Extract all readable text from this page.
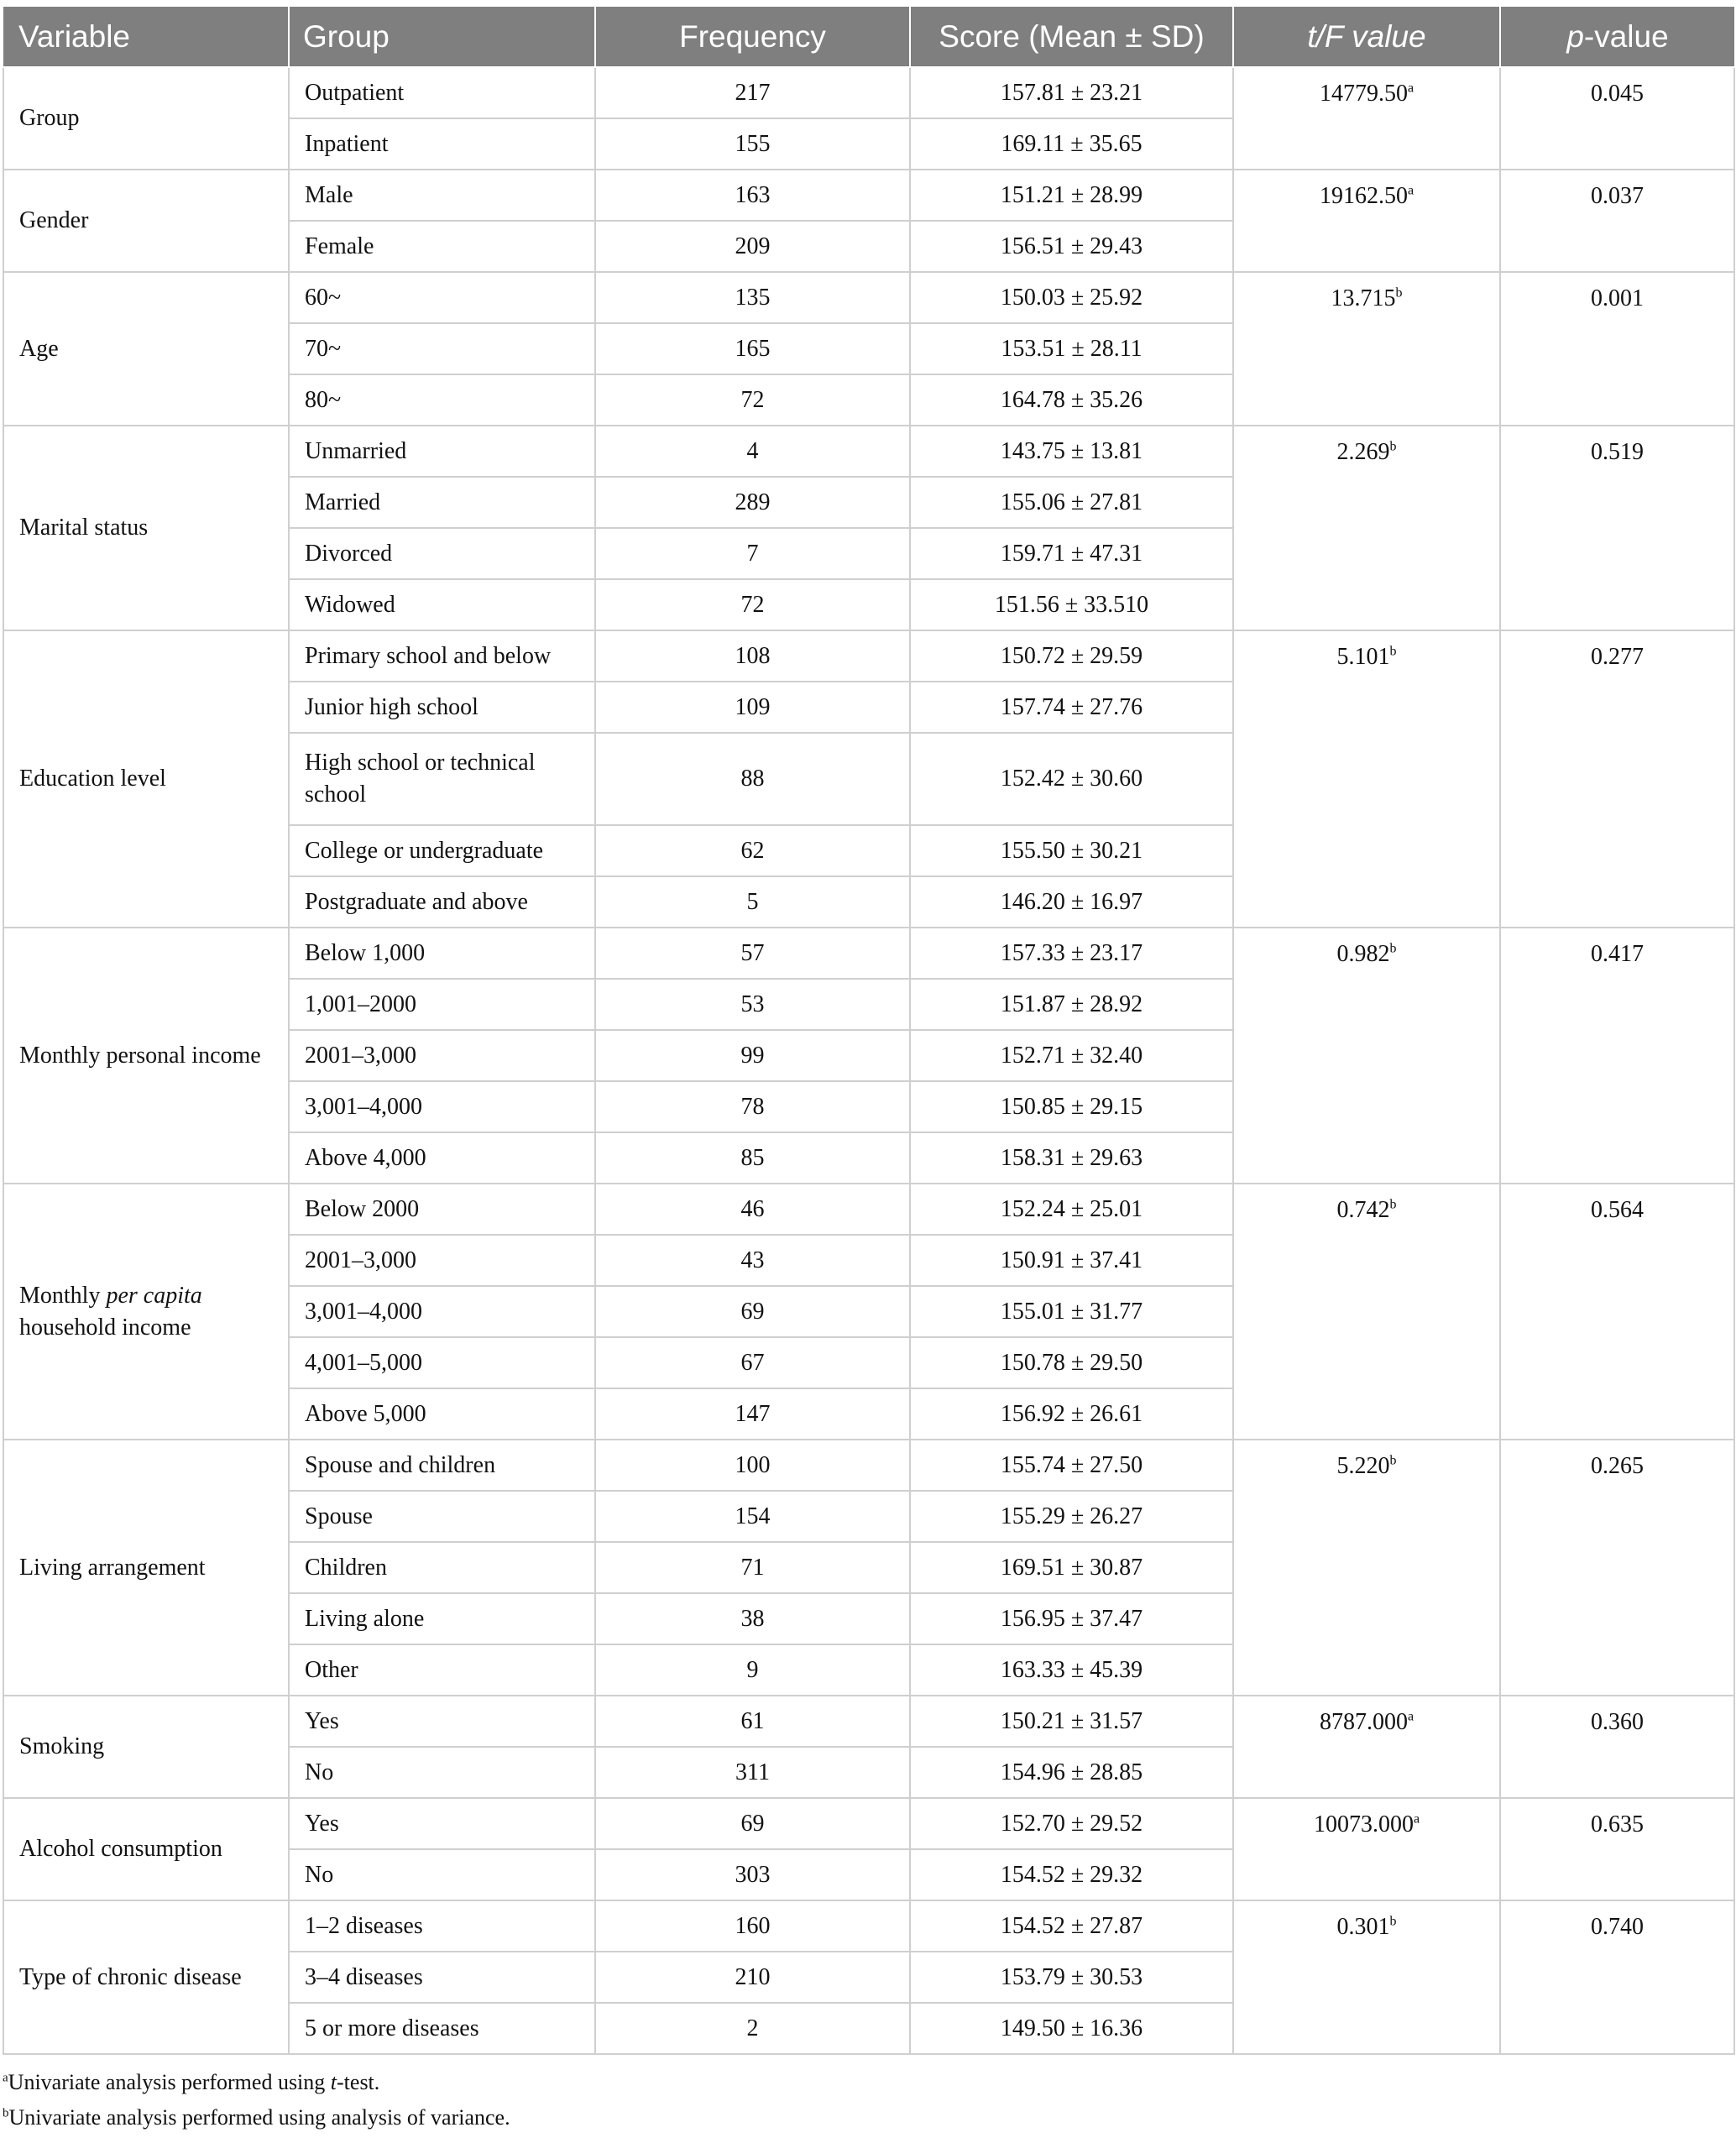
Variable	Group	Frequency	Score (Mean ± SD)	t/F value	p-value
Group	Outpatient	217	157.81 ± 23.21	14779.50$^a$	0.045
	Inpatient	155	169.11 ± 35.65		
Gender	Male	163	151.21 ± 28.99	19162.50$^a$	0.037
	Female	209	156.51 ± 29.43		
Age	60~	135	150.03 ± 25.92	13.715$^b$	0.001
	70~	165	153.51 ± 28.11		
	80~	72	164.78 ± 35.26		
Marital status	Unmarried	4	143.75 ± 13.81	2.269$^b$	0.519
	Married	289	155.06 ± 27.81		
	Divorced	7	159.71 ± 47.31		
	Widowed	72	151.56 ± 33.510		
Education level	Primary school and below	108	150.72 ± 29.59	5.101$^b$	0.277
	Junior high school	109	157.74 ± 27.76		
	High school or technical school	88	152.42 ± 30.60		
	College or undergraduate	62	155.50 ± 30.21		
	Postgraduate and above	5	146.20 ± 16.97		
Monthly personal income	Below 1,000	57	157.33 ± 23.17	0.982$^b$	0.417
	1,001–2000	53	151.87 ± 28.92		
	2001–3,000	99	152.71 ± 32.40		
	3,001–4,000	78	150.85 ± 29.15		
	Above 4,000	85	158.31 ± 29.63		
Monthly per capita
household income	Below 2000	46	152.24 ± 25.01	0.742$^b$	0.564
	2001–3,000	43	150.91 ± 37.41		
	3,001–4,000	69	155.01 ± 31.77		
	4,001–5,000	67	150.78 ± 29.50		
	Above 5,000	147	156.92 ± 26.61		
Living arrangement	Spouse and children	100	155.74 ± 27.50	5.220$^b$	0.265
	Spouse	154	155.29 ± 26.27		
	Children	71	169.51 ± 30.87		
	Living alone	38	156.95 ± 37.47		
	Other	9	163.33 ± 45.39		
Smoking	Yes	61	150.21 ± 31.57	8787.000$^a$	0.360
	No	311	154.96 ± 28.85		
Alcohol consumption	Yes	69	152.70 ± 29.52	10073.000$^a$	0.635
	No	303	154.52 ± 29.32		
Type of chronic disease	1–2 diseases	160	154.52 ± 27.87	0.301$^b$	0.740
	3–4 diseases	210	153.79 ± 30.53		
	5 or more diseases	2	149.50 ± 16.36		

$^a$Univariate analysis performed using t-test.

$^b$Univariate analysis performed using analysis of variance.
